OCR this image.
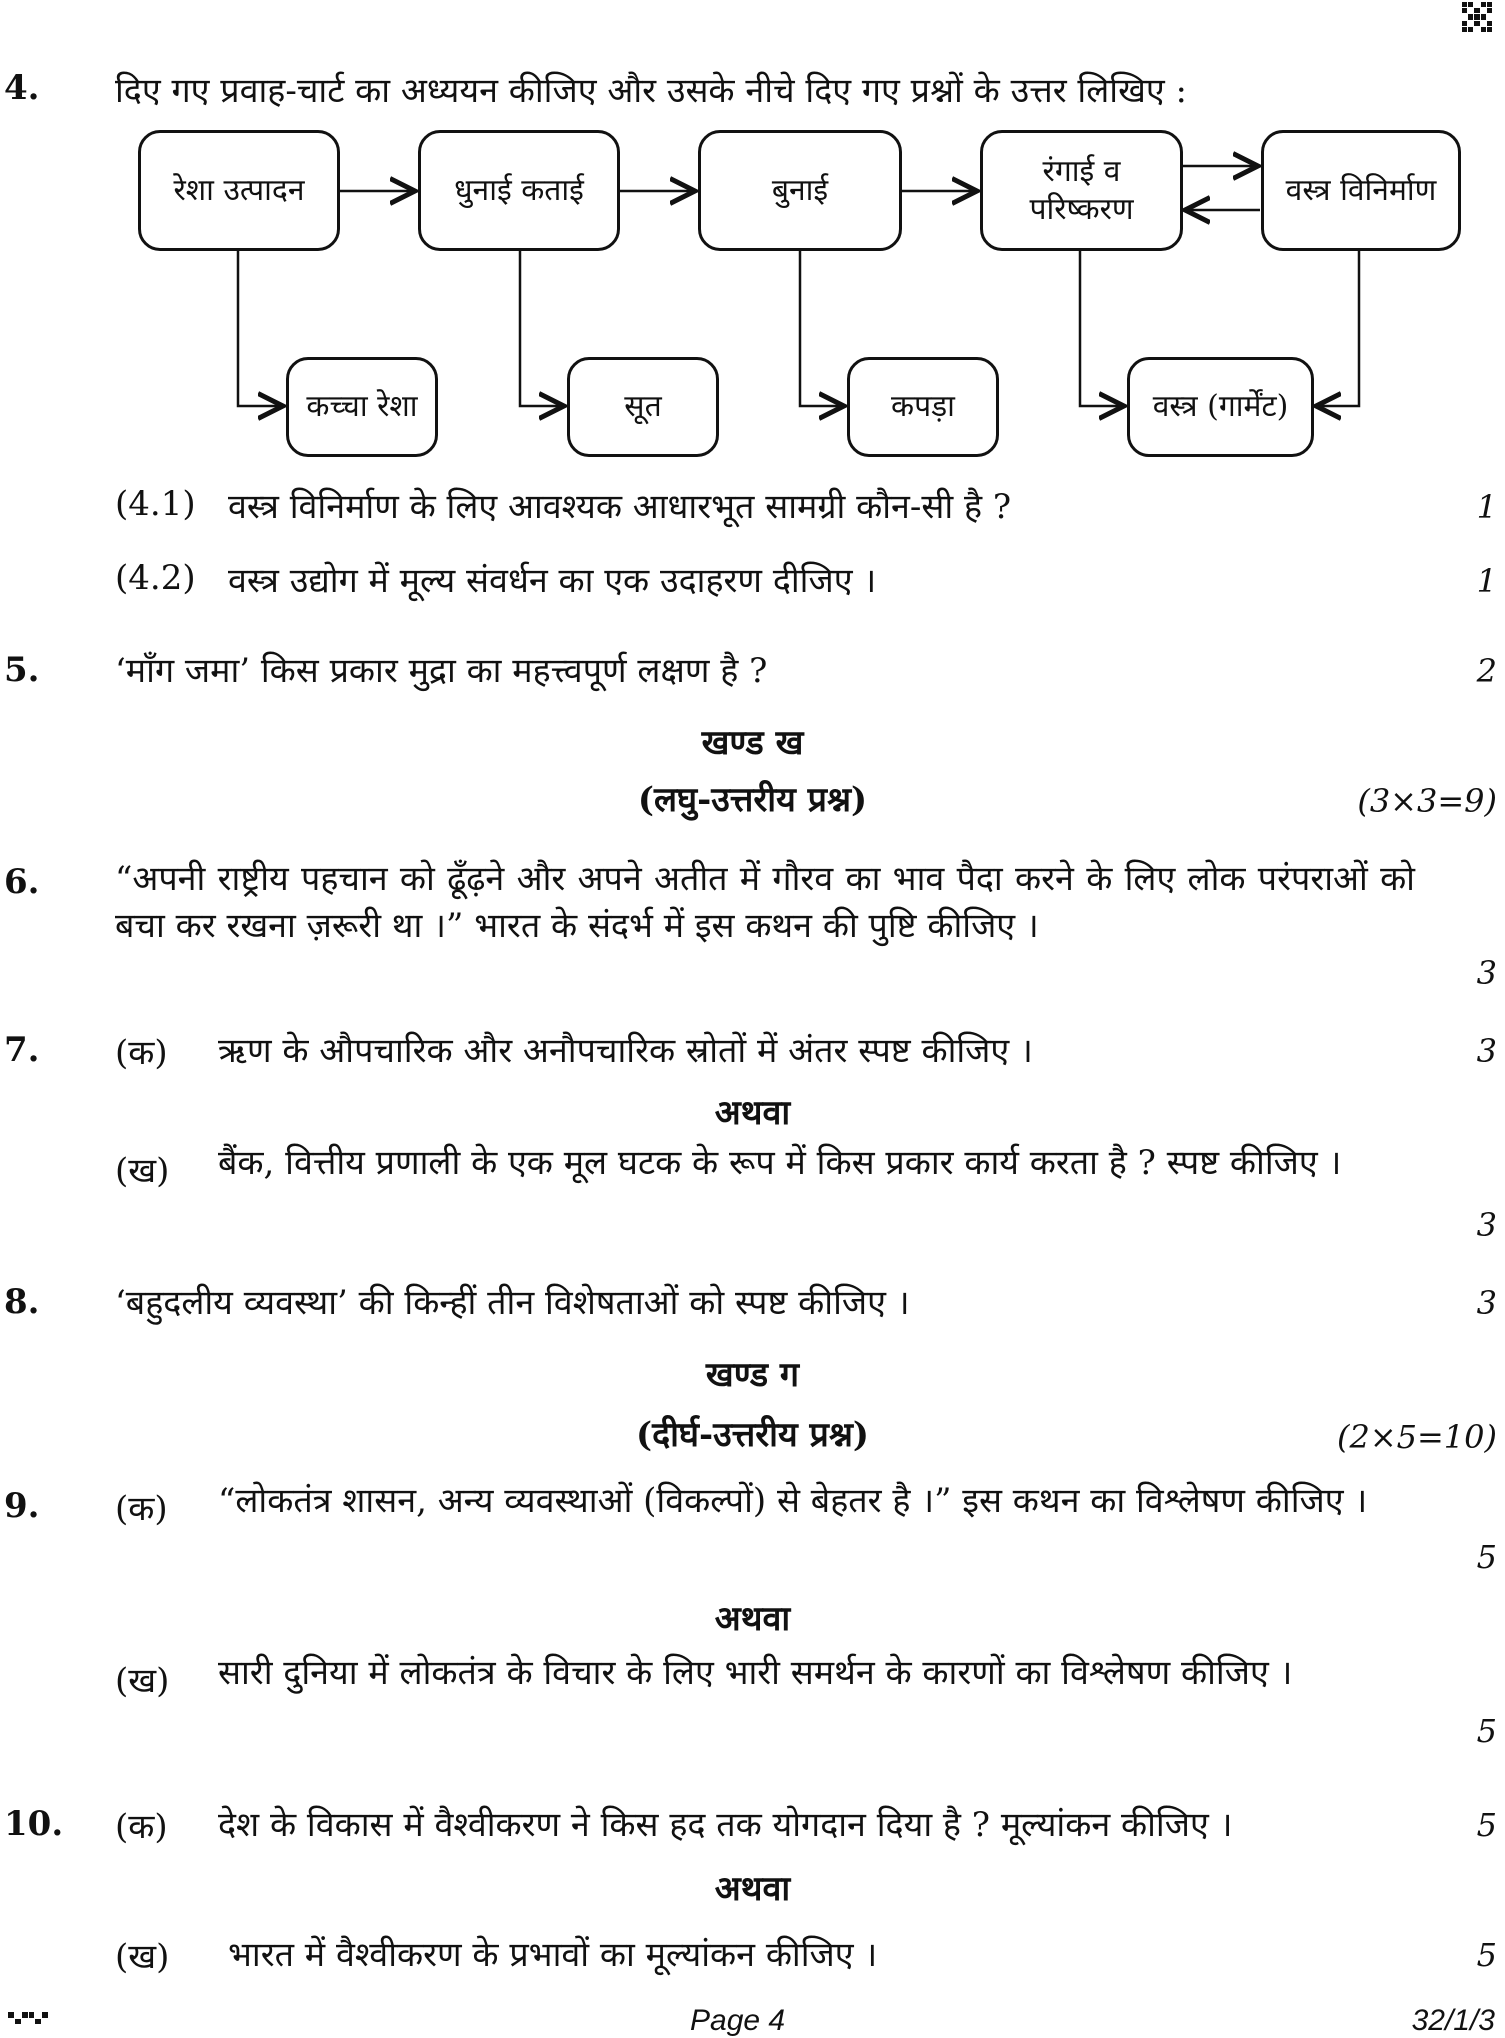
4. दिए गए प्रवाह-चार्ट का अध्ययन कीजिए और उसके नीचे दिए गए प्रश्नों के उत्तर लिखिए :
रेशा उत्पादन	धुनाई कताई	बुनाई
रंगाई व परिष्करण
वस्त्र विनिर्माण
कच्चा रेशा	सूत	कपड़ा	वस्त्र (गार्मेंट)
(4.1) वस्त्र विनिर्माण के लिए आवश्यक आधारभूत सामग्री कौन-सी है ?	1
(4.2) वस्त्र उद्योग में मूल्य संवर्धन का एक उदाहरण दीजिए ।	1
5. ‘माँग जमा’ किस प्रकार मुद्रा का महत्त्वपूर्ण लक्षण है ?	2
खण्ड ख
(लघु-उत्तरीय प्रश्न)	(3×3=9)
6. “अपनी राष्ट्रीय पहचान को ढूँढ़ने और अपने अतीत में गौरव का भाव पैदा करने के लिए लोक परंपराओं को बचा कर रखना ज़रूरी था ।” भारत के संदर्भ में इस कथन की पुष्टि कीजिए ।
3
7. (क) ऋण के औपचारिक और अनौपचारिक स्रोतों में अंतर स्पष्ट कीजिए ।	3
अथवा
(ख) बैंक, वित्तीय प्रणाली के एक मूल घटक के रूप में किस प्रकार कार्य करता है ? स्पष्ट कीजिए ।
3
8. ‘बहुदलीय व्यवस्था’ की किन्हीं तीन विशेषताओं को स्पष्ट कीजिए ।	3
खण्ड ग
(दीर्घ-उत्तरीय प्रश्न)	(2×5=10)
9. (क) “लोकतंत्र शासन, अन्य व्यवस्थाओं (विकल्पों) से बेहतर है ।” इस कथन का विश्लेषण कीजिए ।
5
अथवा
(ख) सारी दुनिया में लोकतंत्र के विचार के लिए भारी समर्थन के कारणों का विश्लेषण कीजिए ।
5
10. (क) देश के विकास में वैश्वीकरण ने किस हद तक योगदान दिया है ? मूल्यांकन कीजिए ।	5
अथवा
(ख) भारत में वैश्वीकरण के प्रभावों का मूल्यांकन कीजिए ।	5
Page 4	32/1/3
